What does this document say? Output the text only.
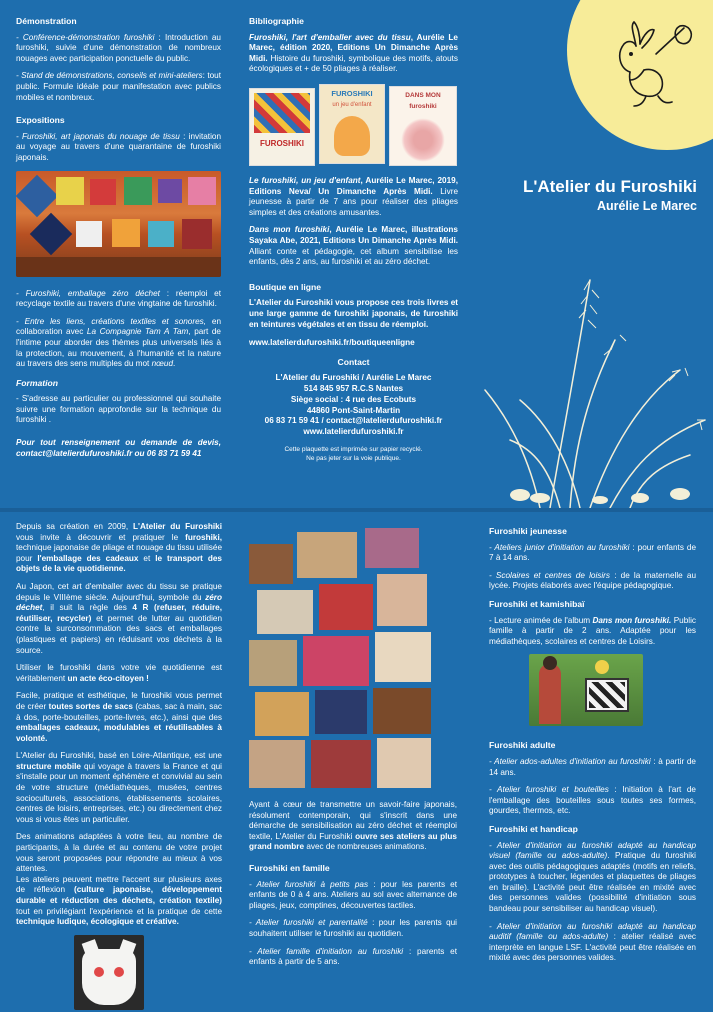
L'Atelier du Furoshiki
Aurélie Le Marec
Démonstration

- Conférence-démonstration furoshiki : Introduction au furoshiki, suivie d'une démonstration de nombreux nouages avec participation ponctuelle du public.

- Stand de démonstrations, conseils et mini-ateliers: tout public. Formule idéale pour manifestation avec publics mobiles et nombreux.

Expositions

- Furoshiki, art japonais du nouage de tissu : invitation au voyage au travers d'une quarantaine de furoshiki japonais.

- Furoshiki, emballage zéro déchet : réemploi et recyclage textile au travers d'une vingtaine de furoshiki.

- Entre les liens, créations textiles et sonores, en collaboration avec La Compagnie Tam A Tam, part de l'intime pour aborder des thèmes plus universels liés à la protection, au mouvement, à l'humanité et la nature au travers des sens multiples du mot nœud.

Formation

- S'adresse au particulier ou professionnel qui souhaite suivre une formation approfondie sur la technique du furoshiki .

Pour tout renseignement ou demande de devis, contact@latelierdufuroshiki.fr ou 06 83 71 59 41

Bibliographie

Furoshiki, l'art d'emballer avec du tissu, Aurélie Le Marec, édition 2020, Editions Un Dimanche Après Midi. Histoire du furoshiki, symbolique des motifs, atouts écologiques et + de 50 pliages à réaliser.

FUROSHIKI
FUROSHIKI
un jeu d'enfant
DANS MON furoshiki

Le furoshiki, un jeu d'enfant, Aurélie Le Marec, 2019, Editions Neva/ Un Dimanche Après Midi. Livre jeunesse à partir de 7 ans pour réaliser des pliages simples et des créations amusantes.

Dans mon furoshiki, Aurélie Le Marec, illustrations Sayaka Abe, 2021, Editions Un Dimanche Après Midi. Alliant conte et pédagogie, cet album sensibilise les enfants, dès 2 ans, au furoshiki et au zéro déchet.

Boutique en ligne

L'Atelier du Furoshiki vous propose ces trois livres et une large gamme de furoshiki japonais, de furoshiki en teintures végétales et en tissu de réemploi.

www.latelierdufuroshiki.fr/boutiqueenligne

Contact
L'Atelier du Furoshiki / Aurélie Le Marec
514 845 957 R.C.S Nantes
Siège social : 4 rue des Ecobuts
44860 Pont-Saint-Martin
06 83 71 59 41 / contact@latelierdufuroshiki.fr
www.latelierdufuroshiki.fr
Cette plaquette est imprimée sur papier recyclé.
Ne pas jeter sur la voie publique.

Depuis sa création en 2009, L'Atelier du Furoshiki vous invite à découvrir et pratiquer le furoshiki, technique japonaise de pliage et nouage du tissu utilisée pour l'emballage des cadeaux et le transport des objets de la vie quotidienne.

Au Japon, cet art d'emballer avec du tissu se pratique depuis le VIIIème siècle. Aujourd'hui, symbole du zéro déchet, il suit la règle des 4 R (refuser, réduire, réutiliser, recycler) et permet de lutter au quotidien contre la surconsommation des sacs et emballages (plastiques et papiers) en réduisant vos déchets à la source.

Utiliser le furoshiki dans votre vie quotidienne est véritablement un acte éco-citoyen !

Facile, pratique et esthétique, le furoshiki vous permet de créer toutes sortes de sacs (cabas, sac à main, sac à dos, porte-bouteilles, porte-livres, etc.), ainsi que des emballages cadeaux, modulables et réutilisables à volonté.

L'Atelier du Furoshiki, basé en Loire-Atlantique, est une structure mobile qui voyage à travers la France et qui s'installe pour un moment éphémère et convivial au sein de votre structure (médiathèques, musées, centres socioculturels, associations, établissements scolaires, centres de loisirs, entreprises, etc.) ou directement chez vous si vous êtes un particulier.

Des animations adaptées à votre lieu, au nombre de participants, à la durée et au contenu de votre projet vous seront proposées pour répondre au mieux à vos attentes.

Les ateliers peuvent mettre l'accent sur plusieurs axes de réflexion (culture japonaise, développement durable et réduction des déchets, création textile) tout en privilégiant l'expérience et la pratique de cette technique ludique, écologique et créative.

Ayant à cœur de transmettre un savoir-faire japonais, résolument contemporain, qui s'inscrit dans une démarche de sensibilisation au zéro déchet et réemploi textile, L'Atelier du Furoshiki ouvre ses ateliers au plus grand nombre avec de nombreuses animations.

Furoshiki en famille

- Atelier furoshiki à petits pas : pour les parents et enfants de 0 à 4 ans. Ateliers au sol avec alternance de pliages, jeux, comptines, découvertes tactiles.

- Atelier furoshiki et parentalité : pour les parents qui souhaitent utiliser le furoshiki au quotidien.

- Atelier famille d'initiation au furoshiki : parents et enfants à partir de 5 ans.

Furoshiki jeunesse

- Ateliers junior d'initiation au furoshiki : pour enfants de 7 à 14 ans.

- Scolaires et centres de loisirs : de la maternelle au lycée. Projets élaborés avec l'équipe pédagogique.

Furoshiki et kamishibaï

- Lecture animée de l'album Dans mon furoshiki. Public famille à partir de 2 ans. Adaptée pour les médiathèques, scolaires et centres de Loisirs.

Furoshiki adulte

- Atelier ados-adultes d'initiation au furoshiki : à partir de 14 ans.

- Atelier furoshiki et bouteilles : Initiation à l'art de l'emballage des bouteilles sous toutes ses formes, gourdes, thermos, etc.

Furoshiki et handicap

- Atelier d'initiation au furoshiki adapté au handicap visuel (famille ou ados-adulte). Pratique du furoshiki avec des outils pédagogiques adaptés (motifs en reliefs, prototypes à toucher, légendes et plaquettes de pliages en braille). L'activité peut être réalisée en mixité avec des personnes valides (possibilité d'initiation sous bandeau pour sensibiliser au handicap visuel).

- Atelier d'initiation au furoshiki adapté au handicap auditif (famille ou ados-adulte) : atelier réalisé avec interprète en langue LSF. L'activité peut être réalisée en mixité avec des personnes valides.
